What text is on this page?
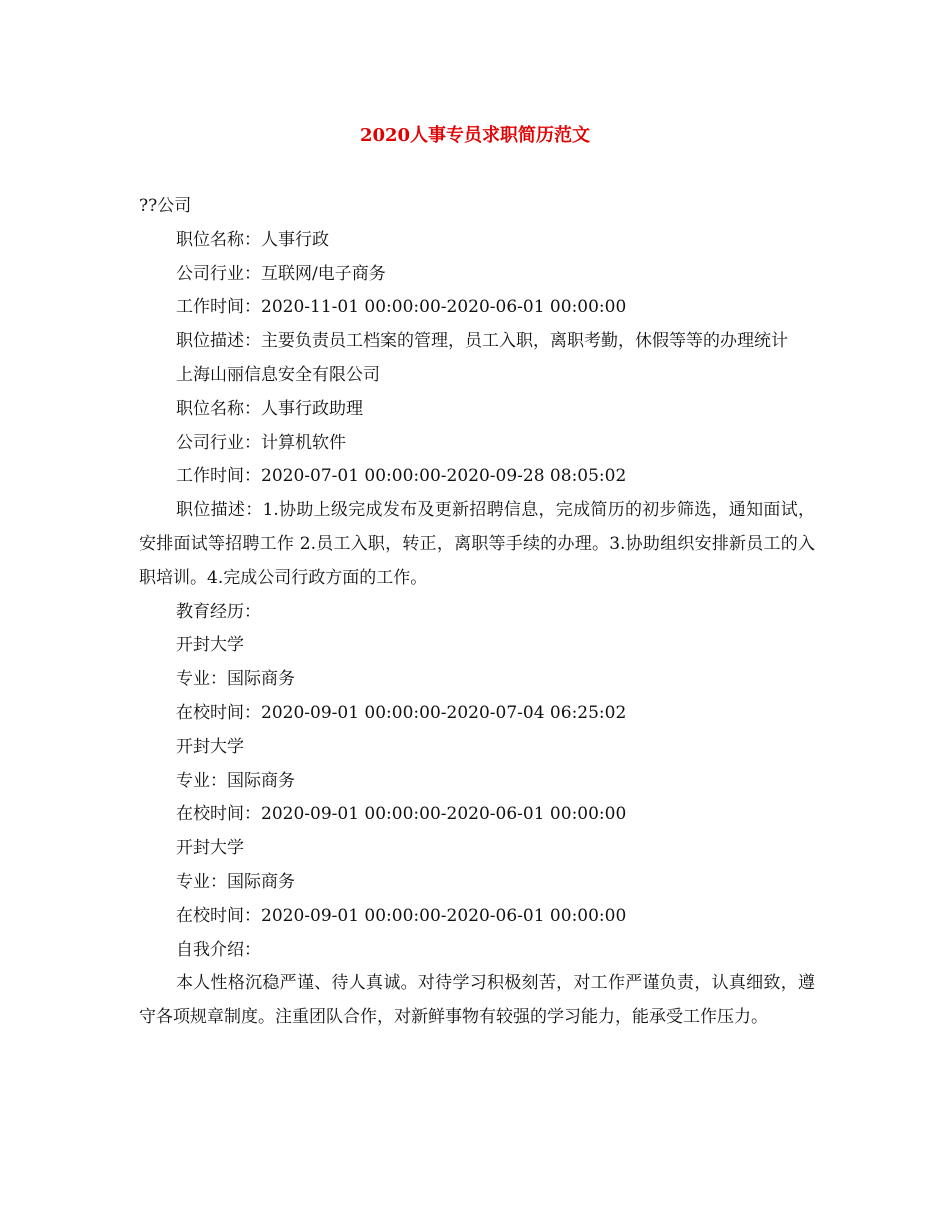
2020人事专员求职简历范文

??公司

职位名称：人事行政

公司行业：互联网/电子商务

工作时间：2020-11-01 00:00:00-2020-06-01 00:00:00

职位描述：主要负责员工档案的管理，员工入职，离职考勤，休假等等的办理统计

上海山丽信息安全有限公司

职位名称：人事行政助理

公司行业：计算机软件

工作时间：2020-07-01 00:00:00-2020-09-28 08:05:02

职位描述：1.协助上级完成发布及更新招聘信息，完成简历的初步筛选，通知面试，安排面试等招聘工作 2.员工入职，转正，离职等手续的办理。3.协助组织安排新员工的入职培训。4.完成公司行政方面的工作。

教育经历：

开封大学

专业：国际商务

在校时间：2020-09-01 00:00:00-2020-07-04 06:25:02

开封大学

专业：国际商务

在校时间：2020-09-01 00:00:00-2020-06-01 00:00:00

开封大学

专业：国际商务

在校时间：2020-09-01 00:00:00-2020-06-01 00:00:00

自我介绍：

本人性格沉稳严谨、待人真诚。对待学习积极刻苦，对工作严谨负责，认真细致，遵守各项规章制度。注重团队合作，对新鲜事物有较强的学习能力，能承受工作压力。
